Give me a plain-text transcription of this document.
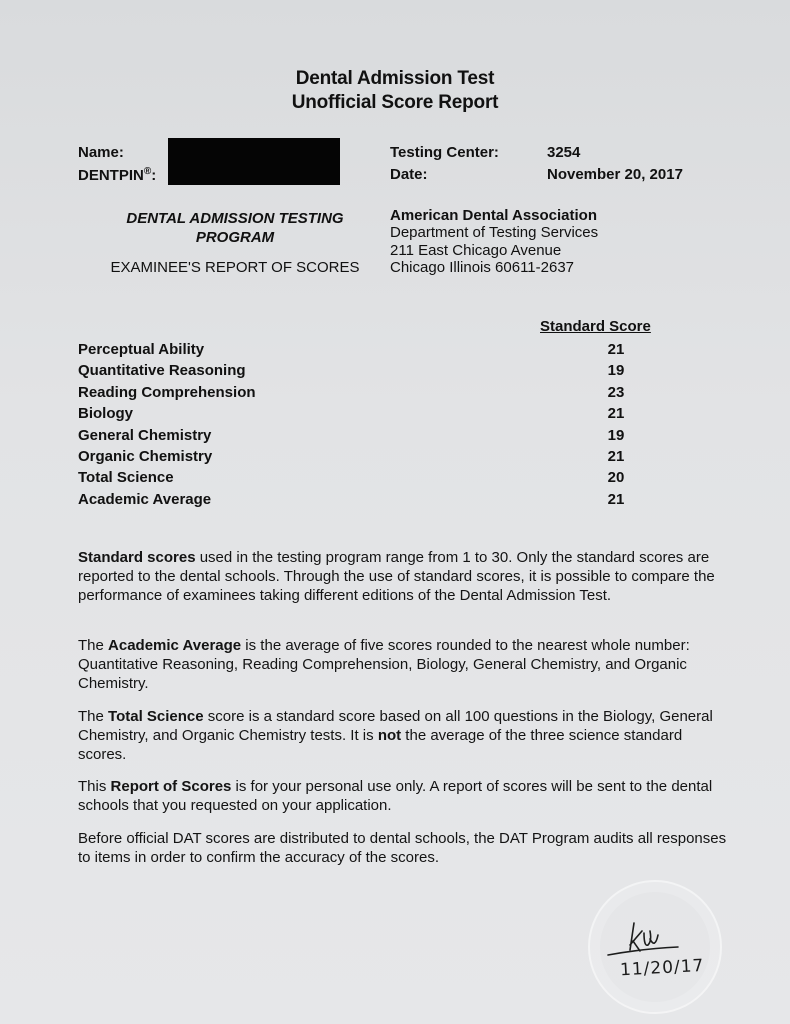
Dental Admission Test
Unofficial Score Report
Name:
DENTPIN®:
Testing Center:	3254
Date:	November 20, 2017
DENTAL ADMISSION TESTING
PROGRAM
EXAMINEE'S REPORT OF SCORES
American Dental Association
Department of Testing Services
211 East Chicago Avenue
Chicago Illinois 60611-2637
Standard Score
Perceptual Ability	21
Quantitative Reasoning	19
Reading Comprehension	23
Biology	21
General Chemistry	19
Organic Chemistry	21
Total Science	20
Academic Average	21
Standard scores used in the testing program range from 1 to 30. Only the standard scores are reported to the dental schools. Through the use of standard scores, it is possible to compare the performance of examinees taking different editions of the Dental Admission Test.
The Academic Average is the average of five scores rounded to the nearest whole number: Quantitative Reasoning, Reading Comprehension, Biology, General Chemistry, and Organic Chemistry.
The Total Science score is a standard score based on all 100 questions in the Biology, General Chemistry, and Organic Chemistry tests. It is not the average of the three science standard scores.
This Report of Scores is for your personal use only. A report of scores will be sent to the dental schools that you requested on your application.
Before official DAT scores are distributed to dental schools, the DAT Program audits all responses to items in order to confirm the accuracy of the scores.
11/20/17
